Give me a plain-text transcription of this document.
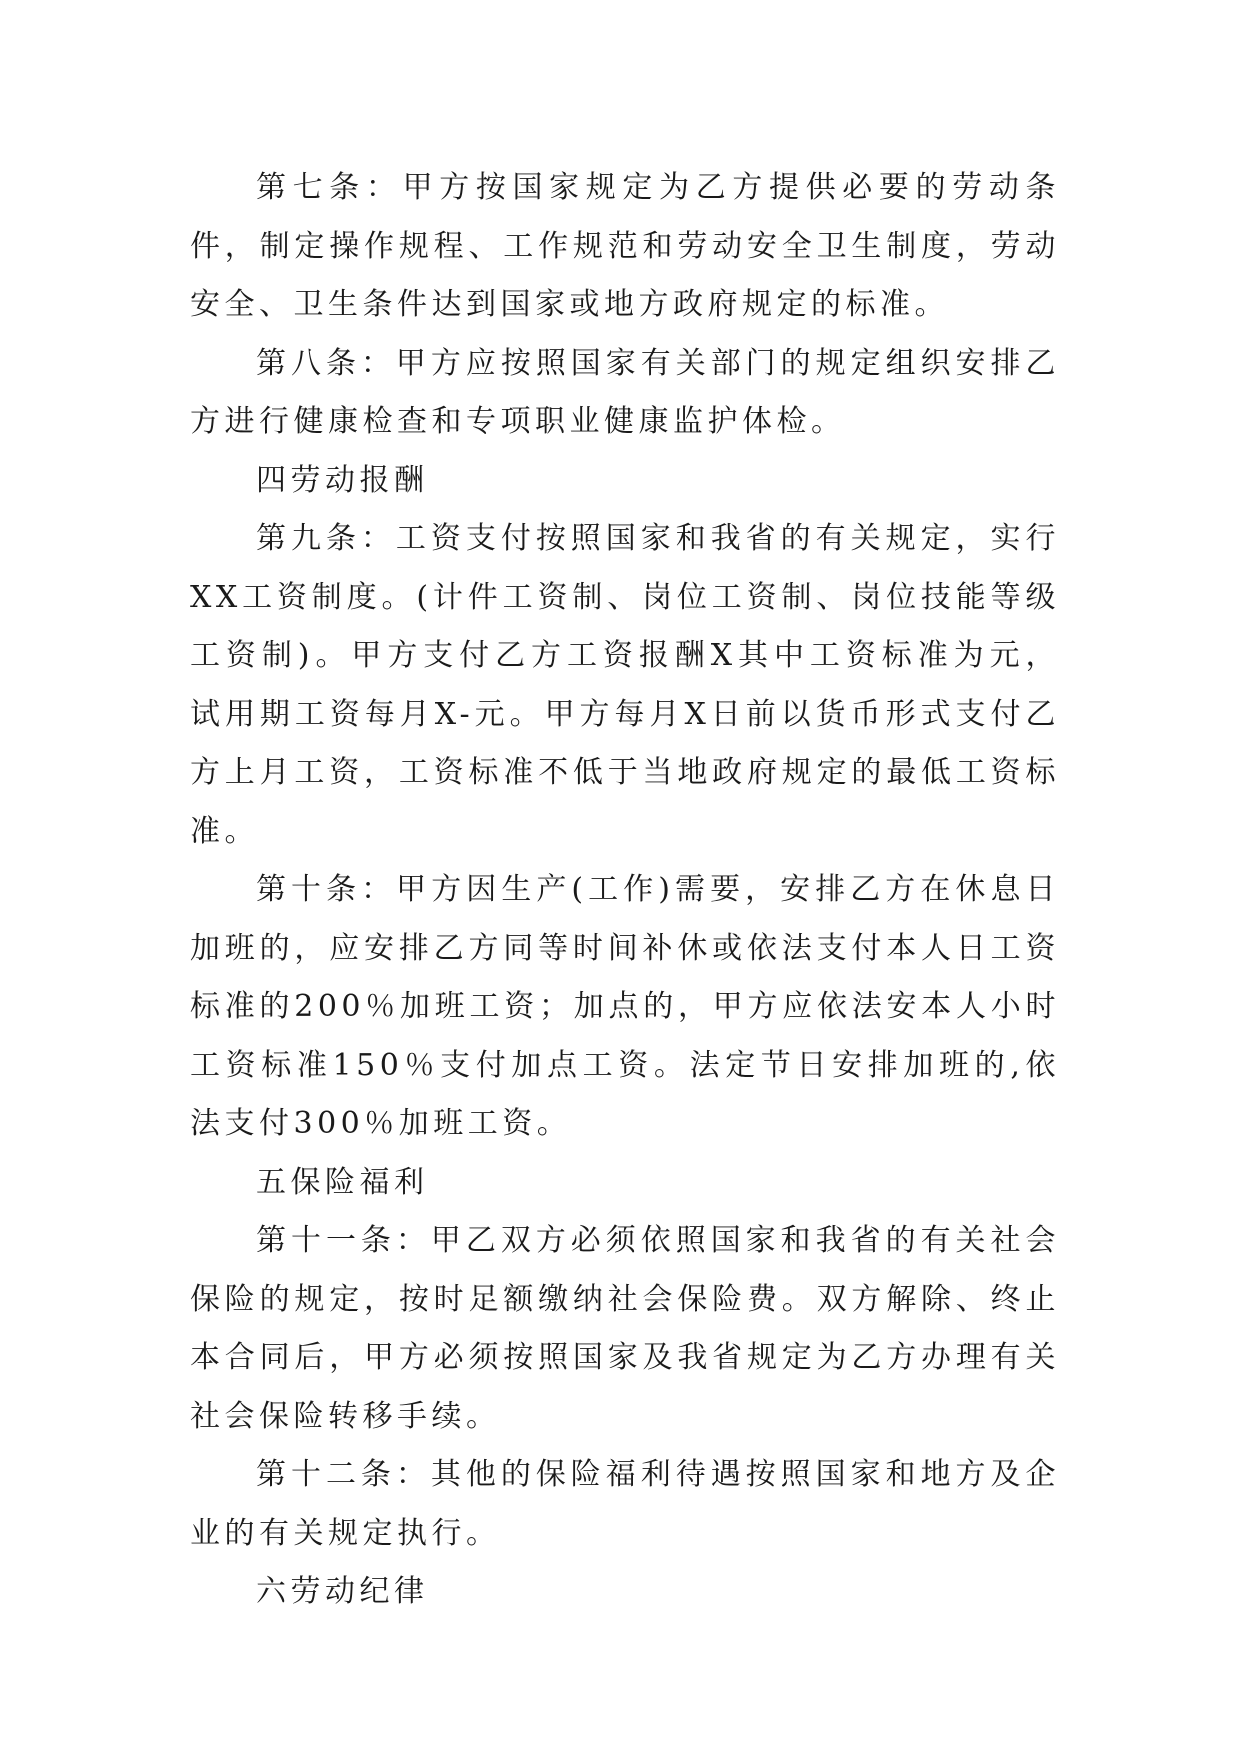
第七条：甲方按国家规定为乙方提供必要的劳动条件，制定操作规程、工作规范和劳动安全卫生制度，劳动安全、卫生条件达到国家或地方政府规定的标准。

第八条：甲方应按照国家有关部门的规定组织安排乙方进行健康检查和专项职业健康监护体检。

四劳动报酬

第九条：工资支付按照国家和我省的有关规定，实行XX工资制度。(计件工资制、岗位工资制、岗位技能等级工资制)。甲方支付乙方工资报酬X其中工资标准为元，试用期工资每月X-元。甲方每月X日前以货币形式支付乙方上月工资，工资标准不低于当地政府规定的最低工资标准。

第十条：甲方因生产(工作)需要，安排乙方在休息日加班的，应安排乙方同等时间补休或依法支付本人日工资标准的200％加班工资；加点的，甲方应依法安本人小时工资标准150％支付加点工资。法定节日安排加班的,依法支付300％加班工资。

五保险福利

第十一条：甲乙双方必须依照国家和我省的有关社会保险的规定，按时足额缴纳社会保险费。双方解除、终止本合同后，甲方必须按照国家及我省规定为乙方办理有关社会保险转移手续。

第十二条：其他的保险福利待遇按照国家和地方及企业的有关规定执行。

六劳动纪律
